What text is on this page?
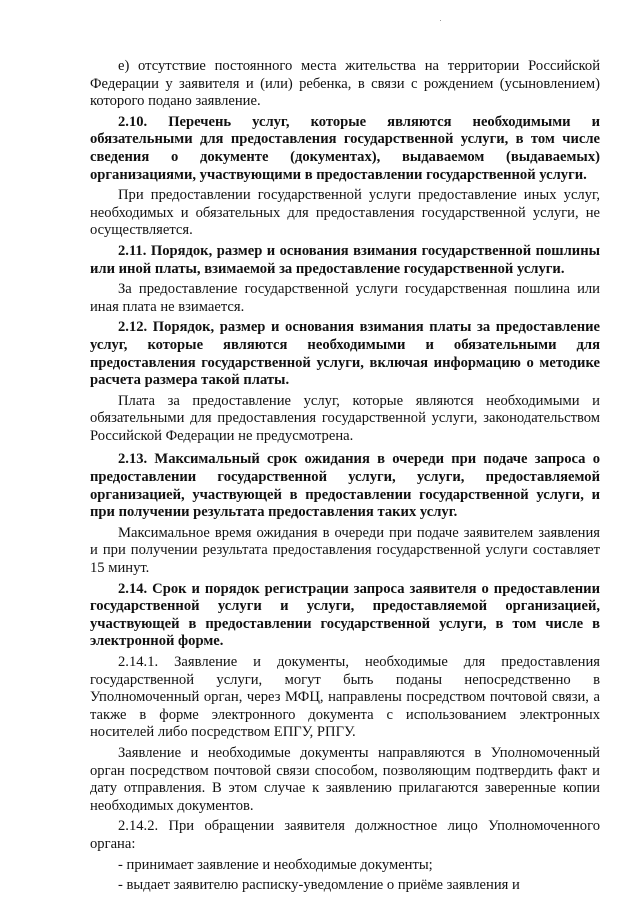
е) отсутствие постоянного места жительства на территории Российской Федерации у заявителя и (или) ребенка, в связи с рождением (усыновлением) которого подано заявление.

2.10. Перечень услуг, которые являются необходимыми и обязательными для предоставления государственной услуги, в том числе сведения о документе (документах), выдаваемом (выдаваемых) организациями, участвующими в предоставлении государственной услуги.

При предоставлении государственной услуги предоставление иных услуг, необходимых и обязательных для предоставления государственной услуги, не осуществляется.

2.11. Порядок, размер и основания взимания государственной пошлины или иной платы, взимаемой за предоставление государственной услуги.

За предоставление государственной услуги государственная пошлина или иная плата не взимается.

2.12. Порядок, размер и основания взимания платы за предоставление услуг, которые являются необходимыми и обязательными для предоставления государственной услуги, включая информацию о методике расчета размера такой платы.

Плата за предоставление услуг, которые являются необходимыми и обязательными для предоставления государственной услуги, законодательством Российской Федерации не предусмотрена.

2.13. Максимальный срок ожидания в очереди при подаче запроса о предоставлении государственной услуги, услуги, предоставляемой организацией, участвующей в предоставлении государственной услуги, и при получении результата предоставления таких услуг.

Максимальное время ожидания в очереди при подаче заявителем заявления и при получении результата предоставления государственной услуги составляет 15 минут.

2.14. Срок и порядок регистрации запроса заявителя о предоставлении государственной услуги и услуги, предоставляемой организацией, участвующей в предоставлении государственной услуги, в том числе в электронной форме.

2.14.1. Заявление и документы, необходимые для предоставления государственной услуги, могут быть поданы непосредственно в Уполномоченный орган, через МФЦ, направлены посредством почтовой связи, а также в форме электронного документа с использованием электронных носителей либо посредством ЕПГУ, РПГУ.

Заявление и необходимые документы направляются в Уполномоченный орган посредством почтовой связи способом, позволяющим подтвердить факт и дату отправления. В этом случае к заявлению прилагаются заверенные копии необходимых документов.

2.14.2. При обращении заявителя должностное лицо Уполномоченного органа:

- принимает заявление и необходимые документы;

- выдает заявителю расписку-уведомление о приёме заявления и
